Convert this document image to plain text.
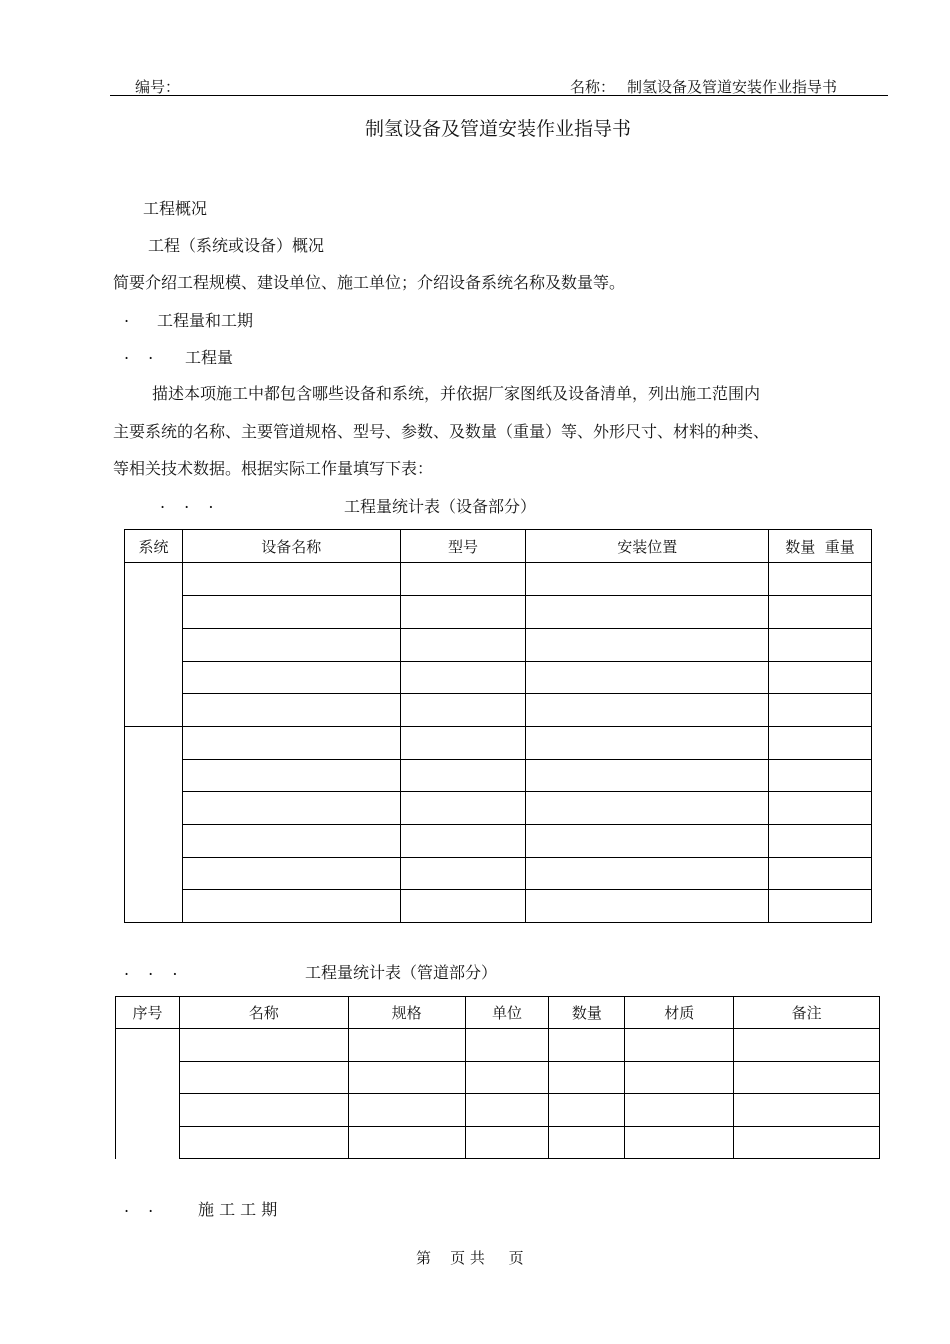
编号：	名称： 制氢设备及管道安装作业指导书
制氢设备及管道安装作业指导书
工程概况
工程（系统或设备）概况
简要介绍工程规模、建设单位、施工单位；介绍设备系统名称及数量等。
. 工程量和工期
. . 工程量
描述本项施工中都包含哪些设备和系统，并依据厂家图纸及设备清单，列出施工范围内
主要系统的名称、主要管道规格、型号、参数、及数量（重量）等、外形尺寸、材料的种类、
等相关技术数据。根据实际工作量填写下表：
. . .	工程量统计表（设备部分）
系统	设备名称	型号	安装位置	数量  重量

. . .	工程量统计表（管道部分）
序号	名称	规格	单位	数量	材质	备注

. .	施 工 工 期
第    页 共     页
